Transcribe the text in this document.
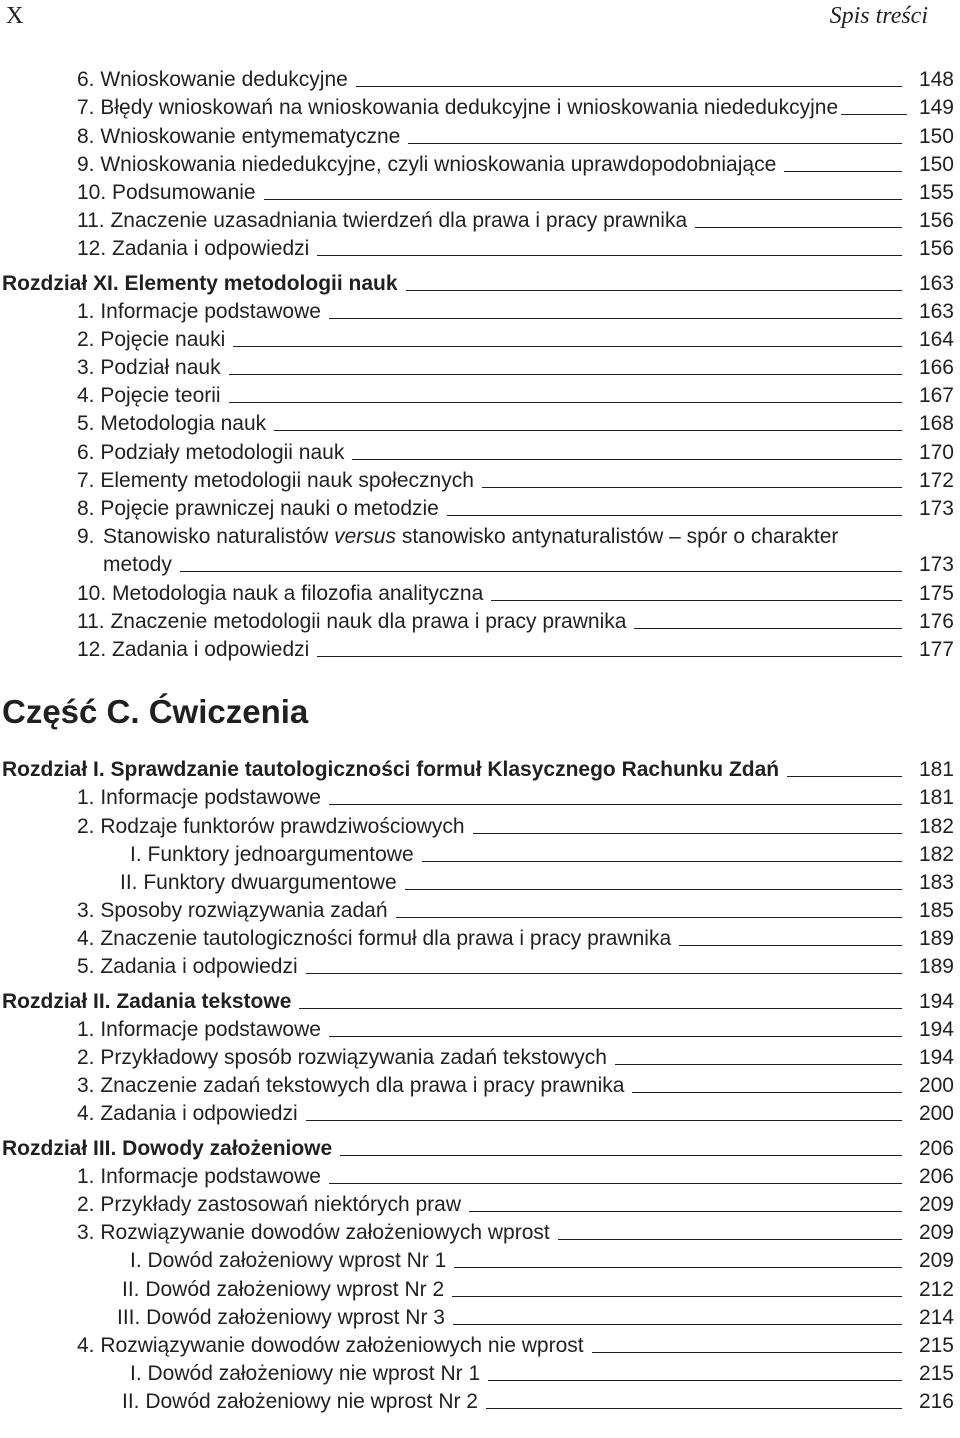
X	Spis treści
6. Wnioskowanie dedukcyjne	148
7. Błędy wnioskowań na wnioskowania dedukcyjne i wnioskowania niededukcyjne	149
8. Wnioskowanie entymematyczne	150
9. Wnioskowania niededukcyjne, czyli wnioskowania uprawdopodobniające	150
10. Podsumowanie	155
11. Znaczenie uzasadniania twierdzeń dla prawa i pracy prawnika	156
12. Zadania i odpowiedzi	156
Rozdział XI. Elementy metodologii nauk	163
1. Informacje podstawowe	163
2. Pojęcie nauki	164
3. Podział nauk	166
4. Pojęcie teorii	167
5. Metodologia nauk	168
6. Podziały metodologii nauk	170
7. Elementy metodologii nauk społecznych	172
8. Pojęcie prawniczej nauki o metodzie	173
9. Stanowisko naturalistów versus stanowisko antynaturalistów – spór o charakter
metody	173
10. Metodologia nauk a filozofia analityczna	175
11. Znaczenie metodologii nauk dla prawa i pracy prawnika	176
12. Zadania i odpowiedzi	177
Część C. Ćwiczenia
Rozdział I. Sprawdzanie tautologiczności formuł Klasycznego Rachunku Zdań	181
1. Informacje podstawowe	181
2. Rodzaje funktorów prawdziwościowych	182
I. Funktory jednoargumentowe	182
II. Funktory dwuargumentowe	183
3. Sposoby rozwiązywania zadań	185
4. Znaczenie tautologiczności formuł dla prawa i pracy prawnika	189
5. Zadania i odpowiedzi	189
Rozdział II. Zadania tekstowe	194
1. Informacje podstawowe	194
2. Przykładowy sposób rozwiązywania zadań tekstowych	194
3. Znaczenie zadań tekstowych dla prawa i pracy prawnika	200
4. Zadania i odpowiedzi	200
Rozdział III. Dowody założeniowe	206
1. Informacje podstawowe	206
2. Przykłady zastosowań niektórych praw	209
3. Rozwiązywanie dowodów założeniowych wprost	209
I. Dowód założeniowy wprost Nr 1	209
II. Dowód założeniowy wprost Nr 2	212
III. Dowód założeniowy wprost Nr 3	214
4. Rozwiązywanie dowodów założeniowych nie wprost	215
I. Dowód założeniowy nie wprost Nr 1	215
II. Dowód założeniowy nie wprost Nr 2	216
